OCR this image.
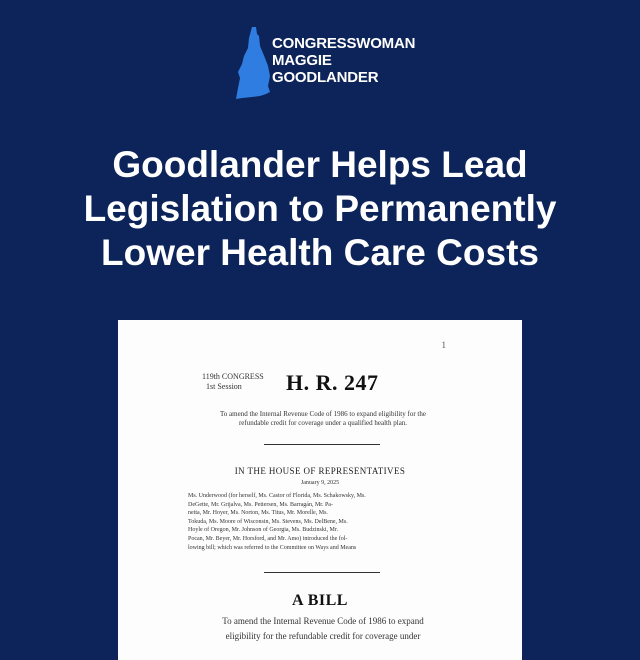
CONGRESSWOMAN
MAGGIE
GOODLANDER
Goodlander Helps Lead
Legislation to Permanently
Lower Health Care Costs
1
119th CONGRESS
1st Session	H. R. 247
To amend the Internal Revenue Code of 1986 to expand eligibility for the
refundable credit for coverage under a qualified health plan.
IN THE HOUSE OF REPRESENTATIVES
January 9, 2025
Ms. Underwood (for herself, Ms. Castor of Florida, Ms. Schakowsky, Ms.
DeGette, Mr. Grijalva, Ms. Pettersen, Ms. Barragán, Mr. Pa-
netta, Mr. Hoyer, Ms. Norton, Ms. Titus, Mr. Morelle, Ms.
Tokuda, Ms. Moore of Wisconsin, Ms. Stevens, Ms. DelBene, Ms.
Hoyle of Oregon, Mr. Johnson of Georgia, Ms. Budzinski, Mr.
Pocan, Mr. Beyer, Mr. Horsford, and Mr. Amo) introduced the fol-
lowing bill; which was referred to the Committee on Ways and Means
A BILL
To amend the Internal Revenue Code of 1986 to expand
eligibility for the refundable credit for coverage under
